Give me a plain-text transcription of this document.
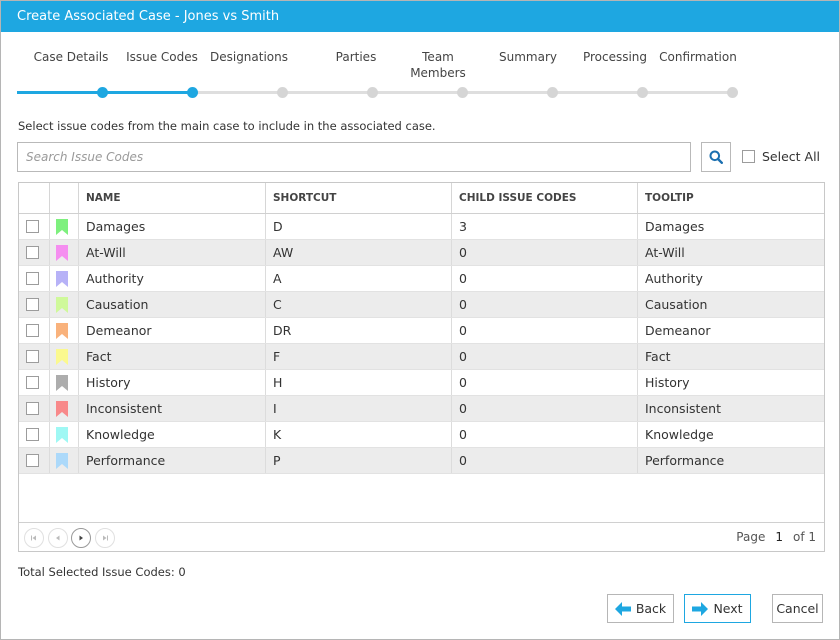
Create Associated Case - Jones vs Smith
Case Details	Issue Codes	Designations	Parties	Team Members
Summary	Processing	Confirmation
Select issue codes from the main case to include in the associated case.
Search Issue Codes
Select All
NAME	SHORTCUT	CHILD ISSUE CODES	TOOLTIP
Damages	D	3	Damages
At-Will	AW	0	At-Will
Authority	A	0	Authority
Causation	C	0	Causation
Demeanor	DR	0	Demeanor
Fact	F	0	Fact
History	H	0	History
Inconsistent	I	0	Inconsistent
Knowledge	K	0	Knowledge
Performance	P	0	Performance
Page 1 of 1
Total Selected Issue Codes: 0
Back	Next	Cancel
